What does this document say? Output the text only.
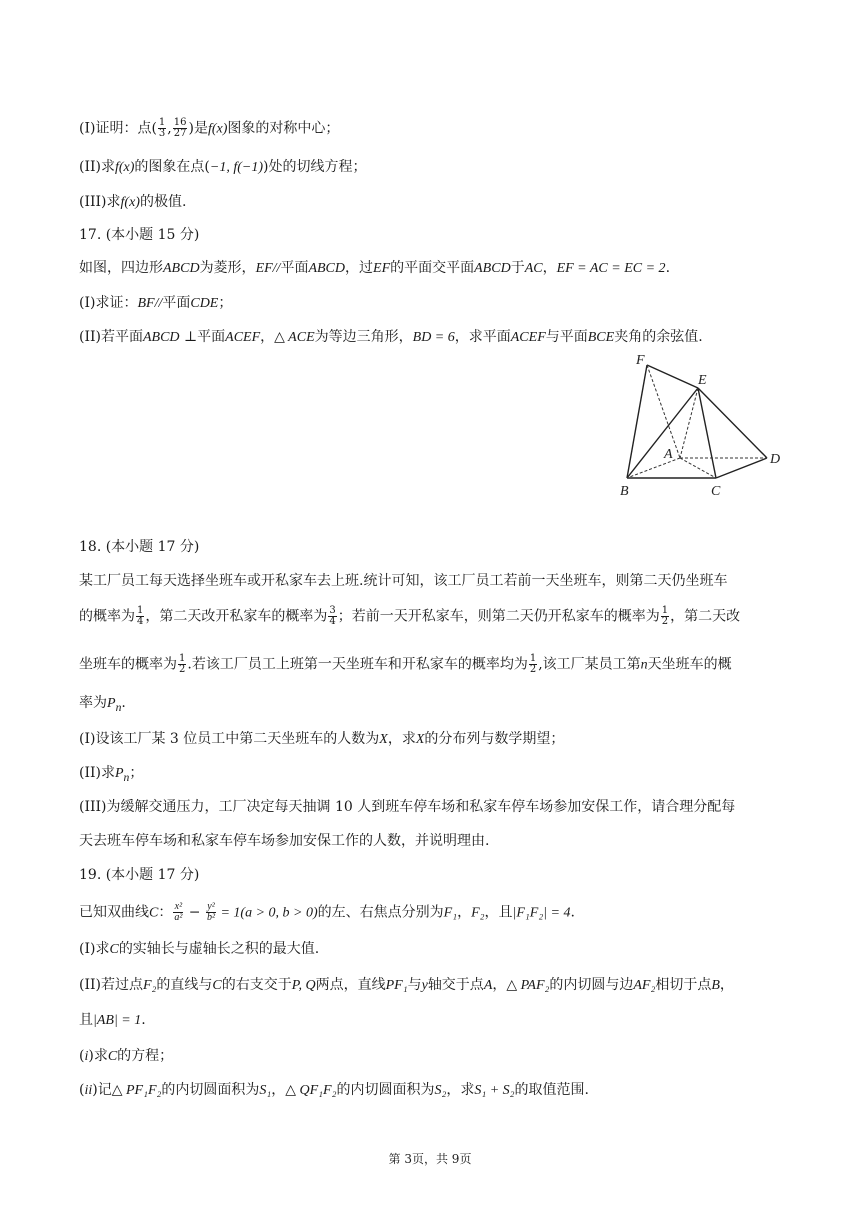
(I)证明：点( $\frac{1}{3}$ , $\frac{16}{27}$ )是f(x)图象的对称中心；
(II)求f(x)的图象在点(−1, f(−1))处的切线方程；
(III)求f(x)的极值.
17. (本小题 15 分)
如图，四边形ABCD为菱形，EF//平面ABCD，过EF的平面交平面ABCD于AC，EF = AC = EC = 2.
(I)求证：BF//平面CDE；
(II)若平面ABCD ⊥平面ACEF，△ ACE为等边三角形，BD = 6，求平面ACEF与平面BCE夹角的余弦值.
F
E
A	D
B	C
18. (本小题 17 分)
某工厂员工每天选择坐班车或开私家车去上班.统计可知，该工厂员工若前一天坐班车，则第二天仍坐班车
的概率为 $\frac{1}{4}$ ，第二天改开私家车的概率为 $\frac{3}{4}$ ；若前一天开私家车，则第二天仍开私家车的概率为 $\frac{1}{2}$ ，第二天改
坐班车的概率为 $\frac{1}{2}$ .若该工厂员工上班第一天坐班车和开私家车的概率均为 $\frac{1}{2}$ ,该工厂某员工第n天坐班车的概
率为$P_n$.
(I)设该工厂某 3 位员工中第二天坐班车的人数为X，求X的分布列与数学期望；
(II)求$P_n$；
(III)为缓解交通压力，工厂决定每天抽调 10 人到班车停车场和私家车停车场参加安保工作，请合理分配每
天去班车停车场和私家车停车场参加安保工作的人数，并说明理由.
19. (本小题 17 分)
已知双曲线C： $\frac{\text{x²}}{\text{a²}} - \frac{\text{y²}}{\text{b²}} = 1(a > 0$, b > 0)的左、右焦点分别为F₁，F₂，且|F₁F₂| = 4.
(I)求C的实轴长与虚轴长之积的最大值.
(II)若过点F₂的直线与C的右支交于P, Q两点，直线PF₁与y轴交于点A，△ PAF₂的内切圆与边AF₂相切于点B，
且|AB| = 1.
(i)求C的方程；
(ii)记△ PF₁F₂的内切圆面积为S₁，△ QF₁F₂的内切圆面积为S₂，求S₁ + S₂的取值范围.
第 3页，共 9页
